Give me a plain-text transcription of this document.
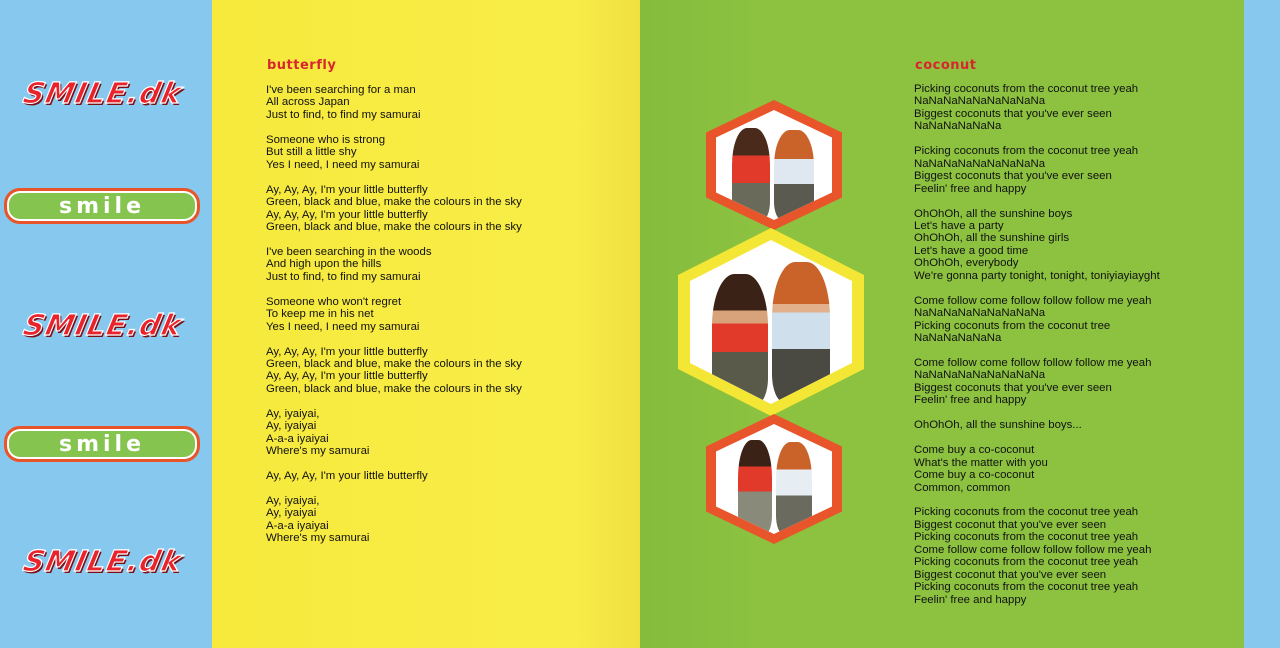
SMILE.dk
smile
SMILE.dk
smile
SMILE.dk
butterfly
I've been searching for a man
All across Japan
Just to find, to find my samurai

Someone who is strong
But still a little shy
Yes I need, I need my samurai

Ay, Ay, Ay, I'm your little butterfly
Green, black and blue, make the colours in the sky
Ay, Ay, Ay, I'm your little butterfly
Green, black and blue, make the colours in the sky

I've been searching in the woods
And high upon the hills
Just to find, to find my samurai

Someone who won't regret
To keep me in his net
Yes I need, I need my samurai

Ay, Ay, Ay, I'm your little butterfly
Green, black and blue, make the colours in the sky
Ay, Ay, Ay, I'm your little butterfly
Green, black and blue, make the colours in the sky

Ay, iyaiyai,
Ay, iyaiyai
A-a-a iyaiyai
Where's my samurai

Ay, Ay, Ay, I'm your little butterfly

Ay, iyaiyai,
Ay, iyaiyai
A-a-a iyaiyai
Where's my samurai
coconut
Picking coconuts from the coconut tree yeah
NaNaNaNaNaNaNaNaNa
Biggest coconuts that you've ever seen
NaNaNaNaNaNa

Picking coconuts from the coconut tree yeah
NaNaNaNaNaNaNaNaNa
Biggest coconuts that you've ever seen
Feelin' free and happy

OhOhOh, all the sunshine boys
Let's have a party
OhOhOh, all the sunshine girls
Let's have a good time
OhOhOh, everybody
We're gonna party tonight, tonight, toniyiayiayght

Come follow come follow follow follow me yeah
NaNaNaNaNaNaNaNaNa
Picking coconuts from the coconut tree
NaNaNaNaNaNa

Come follow come follow follow follow me yeah
NaNaNaNaNaNaNaNaNa
Biggest coconuts that you've ever seen
Feelin' free and happy

OhOhOh, all the sunshine boys...

Come buy a co-coconut
What's the matter with you
Come buy a co-coconut
Common, common

Picking coconuts from the coconut tree yeah
Biggest coconut that you've ever seen
Picking coconuts from the coconut tree yeah
Come follow come follow follow follow me yeah
Picking coconuts from the coconut tree yeah
Biggest coconut that you've ever seen
Picking coconuts from the coconut tree yeah
Feelin' free and happy
